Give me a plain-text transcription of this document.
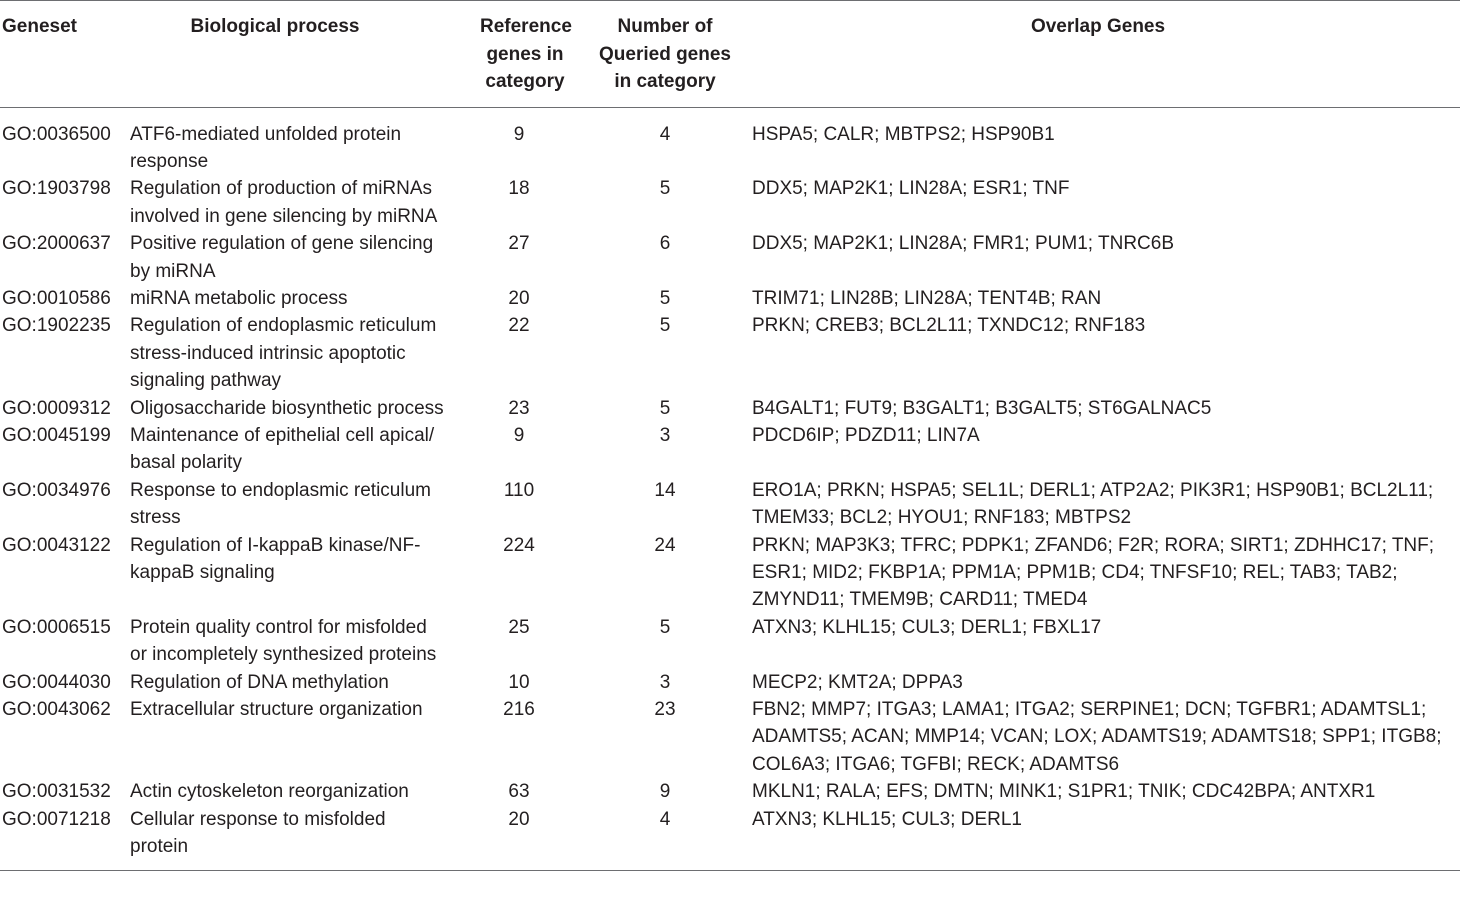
Geneset	Biological process	Reference genes in category	Number of Queried genes in category	Overlap Genes
GO:0036500	ATF6-mediated unfolded protein response	9	4	HSPA5; CALR; MBTPS2; HSP90B1
GO:1903798	Regulation of production of miRNAs involved in gene silencing by miRNA	18	5	DDX5; MAP2K1; LIN28A; ESR1; TNF
GO:2000637	Positive regulation of gene silencing by miRNA	27	6	DDX5; MAP2K1; LIN28A; FMR1; PUM1; TNRC6B
GO:0010586	miRNA metabolic process	20	5	TRIM71; LIN28B; LIN28A; TENT4B; RAN
GO:1902235	Regulation of endoplasmic reticulum stress-induced intrinsic apoptotic signaling pathway	22	5	PRKN; CREB3; BCL2L11; TXNDC12; RNF183
GO:0009312	Oligosaccharide biosynthetic process	23	5	B4GALT1; FUT9; B3GALT1; B3GALT5; ST6GALNAC5
GO:0045199	Maintenance of epithelial cell apical/ basal polarity	9	3	PDCD6IP; PDZD11; LIN7A
GO:0034976	Response to endoplasmic reticulum stress	110	14	ERO1A; PRKN; HSPA5; SEL1L; DERL1; ATP2A2; PIK3R1; HSP90B1; BCL2L11; TMEM33; BCL2; HYOU1; RNF183; MBTPS2
GO:0043122	Regulation of I-kappaB kinase/NF-kappaB signaling	224	24	PRKN; MAP3K3; TFRC; PDPK1; ZFAND6; F2R; RORA; SIRT1; ZDHHC17; TNF; ESR1; MID2; FKBP1A; PPM1A; PPM1B; CD4; TNFSF10; REL; TAB3; TAB2; ZMYND11; TMEM9B; CARD11; TMED4
GO:0006515	Protein quality control for misfolded or incompletely synthesized proteins	25	5	ATXN3; KLHL15; CUL3; DERL1; FBXL17
GO:0044030	Regulation of DNA methylation	10	3	MECP2; KMT2A; DPPA3
GO:0043062	Extracellular structure organization	216	23	FBN2; MMP7; ITGA3; LAMA1; ITGA2; SERPINE1; DCN; TGFBR1; ADAMTSL1; ADAMTS5; ACAN; MMP14; VCAN; LOX; ADAMTS19; ADAMTS18; SPP1; ITGB8; COL6A3; ITGA6; TGFBI; RECK; ADAMTS6
GO:0031532	Actin cytoskeleton reorganization	63	9	MKLN1; RALA; EFS; DMTN; MINK1; S1PR1; TNIK; CDC42BPA; ANTXR1
GO:0071218	Cellular response to misfolded protein	20	4	ATXN3; KLHL15; CUL3; DERL1
